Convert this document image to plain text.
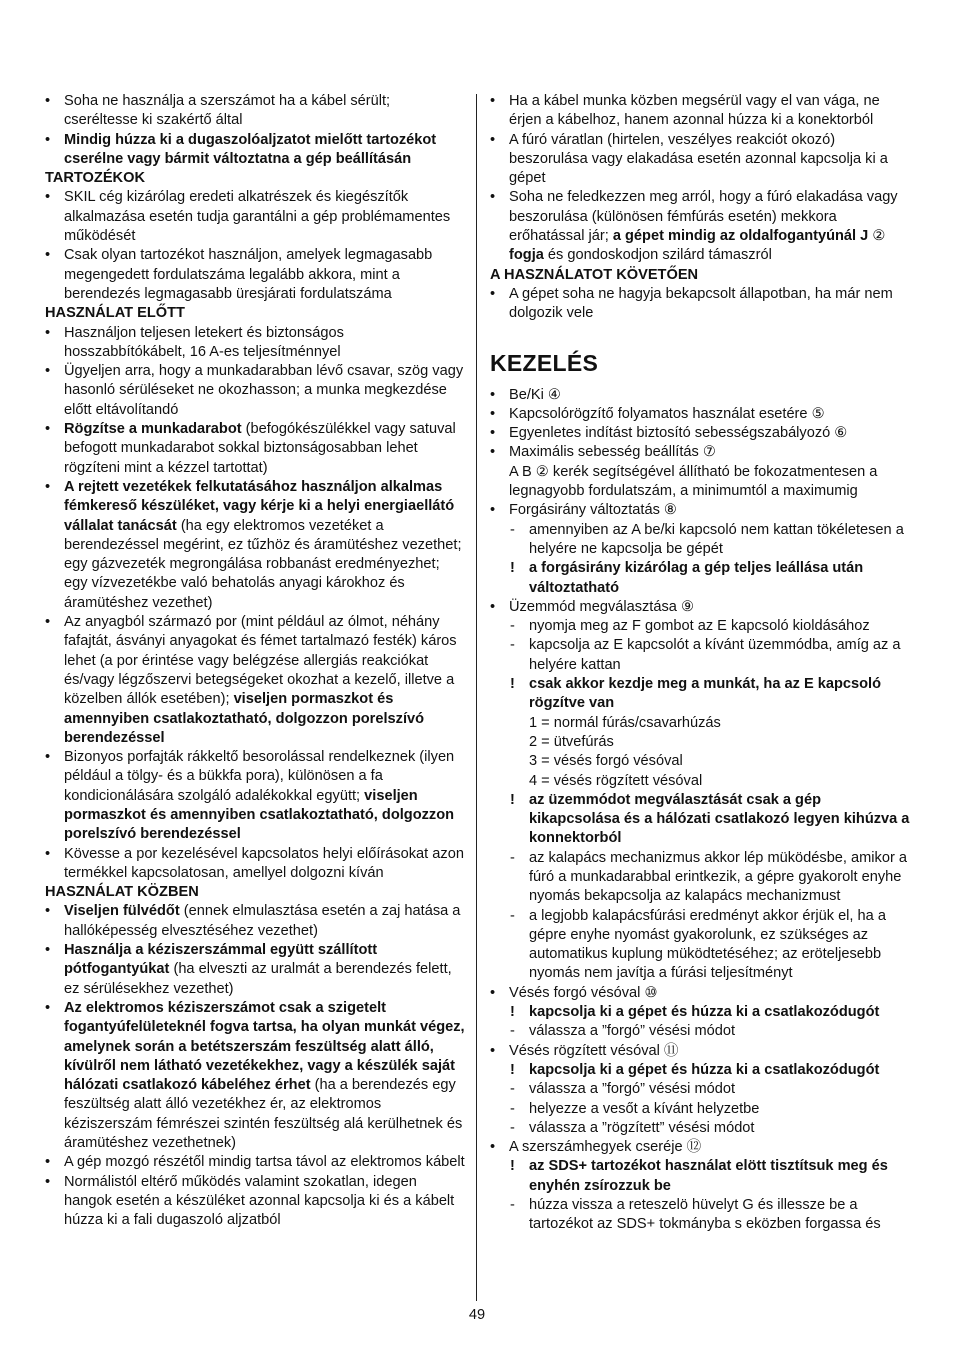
• Soha ne használja a szerszámot ha a kábel sérült; cseréltesse ki szakértő által
• Mindig húzza ki a dugaszolóaljzatot mielőtt tartozékot cserélne vagy bármit változtatna a gép beállításán
TARTOZÉKOK
• SKIL cég kizárólag eredeti alkatrészek és kiegészítők alkalmazása esetén tudja garantálni a gép problémamentes működését
• Csak olyan tartozékot használjon, amelyek legmagasabb megengedett fordulatszáma legalább akkora, mint a berendezés legmagasabb üresjárati fordulatszáma
HASZNÁLAT ELŐTT
• Használjon teljesen letekert és biztonságos hosszabbítókábelt, 16 A-es teljesítménnyel
• Ügyeljen arra, hogy a munkadarabban lévő csavar, szög vagy hasonló sérüléseket ne okozhasson; a munka megkezdése előtt eltávolítandó
• Rögzítse a munkadarabot (befogókészülékkel vagy satuval befogott munkadarabot sokkal biztonságosabban lehet rögzíteni mint a kézzel tartottat)
• A rejtett vezetékek felkutatásához használjon alkalmas fémkereső készüléket, vagy kérje ki a helyi energiaellátó vállalat tanácsát (ha egy elektromos vezetéket a berendezéssel megérint, ez tűzhöz és áramütéshez vezethet; egy gázvezeték megrongálása robbanást eredményezhet; egy vízvezetékbe való behatolás anyagi károkhoz és áramütéshez vezethet)
• Az anyagból származó por (mint például az ólmot, néhány fafajtát, ásványi anyagokat és fémet tartalmazó festék) káros lehet (a por érintése vagy belégzése allergiás reakciókat és/vagy légzőszervi betegségeket okozhat a kezelő, illetve a közelben állók esetében); viseljen pormaszkot és amennyiben csatlakoztatható, dolgozzon porelszívó berendezéssel
• Bizonyos porfajták rákkeltő besorolással rendelkeznek (ilyen például a tölgy- és a bükkfa pora), különösen a fa kondicionálására szolgáló adalékokkal együtt; viseljen pormaszkot és amennyiben csatlakoztatható, dolgozzon porelszívó berendezéssel
• Kövesse a por kezelésével kapcsolatos helyi előírásokat azon termékkel kapcsolatosan, amellyel dolgozni kíván
HASZNÁLAT KÖZBEN
• Viseljen fülvédőt (ennek elmulasztása esetén a zaj hatása a hallóképesség elvesztéséhez vezethet)
• Használja a kéziszerszámmal együtt szállított pótfogantyúkat (ha elveszti az uralmát a berendezés felett, ez sérülésekhez vezethet)
• Az elektromos kéziszerszámot csak a szigetelt fogantyúfelületeknél fogva tartsa, ha olyan munkát végez, amelynek során a betétszerszám feszültség alatt álló, kívülről nem látható vezetékekhez, vagy a készülék saját hálózati csatlakozó kábeléhez érhet (ha a berendezés egy feszültség alatt álló vezetékhez ér, az elektromos kéziszerszám fémrészei szintén feszültség alá kerülhetnek és áramütéshez vezethetnek)
• A gép mozgó részétől mindig tartsa távol az elektromos kábelt
• Normálistól eltérő működés valamint szokatlan, idegen hangok esetén a készüléket azonnal kapcsolja ki és a kábelt húzza ki a fali dugaszoló aljzatból
• Ha a kábel munka közben megsérül vagy el van vága, ne érjen a kábelhoz, hanem azonnal húzza ki a konektorból
• A fúró váratlan (hirtelen, veszélyes reakciót okozó) beszorulása vagy elakadása esetén azonnal kapcsolja ki a gépet
• Soha ne feledkezzen meg arról, hogy a fúró elakadása vagy beszorulása (különösen fémfúrás esetén) mekkora erőhatással jár; a gépet mindig az oldalfogantyúnál J ② fogja és gondoskodjon szilárd támaszról
A HASZNÁLATOT KÖVETŐEN
• A gépet soha ne hagyja bekapcsolt állapotban, ha már nem dolgozik vele
KEZELÉS
• Be/Ki ④
• Kapcsolórögzítő folyamatos használat esetére ⑤
• Egyenletes indítást biztosító sebességszabályozó ⑥
• Maximális sebesség beállítás ⑦
A B ② kerék segítségével állítható be fokozatmentesen a legnagyobb fordulatszám, a minimumtól a maximumig
• Forgásirány változtatás ⑧
- amennyiben az A be/ki kapcsoló nem kattan tökéletesen a helyére ne kapcsolja be gépét
! a forgásirány kizárólag a gép teljes leállása után változtatható
• Üzemmód megválasztása ⑨
- nyomja meg az F gombot az E kapcsoló kioldásához
- kapcsolja az E kapcsolót a kívánt üzemmódba, amíg az a helyére kattan
! csak akkor kezdje meg a munkát, ha az E kapcsoló rögzítve van
1 = normál fúrás/csavarhúzás
2 = ütvefúrás
3 = vésés forgó vésóval
4 = vésés rögzített vésóval
! az üzemmódot megválasztását csak a gép kikapcsolása és a hálózati csatlakozó legyen kihúzva a konnektorból
- az kalapács mechanizmus akkor lép müködésbe, amikor a fúró a munkadarabbal erintkezik, a gépre gyakorolt enyhe nyomás bekapcsolja az kalapács mechanizmust
- a legjobb kalapácsfúrási eredményt akkor érjük el, ha a gépre enyhe nyomást gyakorolunk, ez szükséges az automatikus kuplung müködtetéséhez; az eröteljesebb nyomás nem javítja a fúrási teljesítményt
• Vésés forgó vésóval ⑩
! kapcsolja ki a gépet és húzza ki a csatlakozódugót
- válassza a ”forgó” vésési módot
• Vésés rögzített vésóval ⑪
! kapcsolja ki a gépet és húzza ki a csatlakozódugót
- válassza a ”forgó” vésési módot
- helyezze a vesőt a kívánt helyzetbe
- válassza a ”rögzített” vésési módot
• A szerszámhegyek cseréje ⑫
! az SDS+ tartozékot használat elött tisztítsuk meg és enyhén zsírozzuk be
- húzza vissza a reteszelö hüvelyt G és illessze be a tartozékot az SDS+ tokmányba s eközben forgassa és
49
